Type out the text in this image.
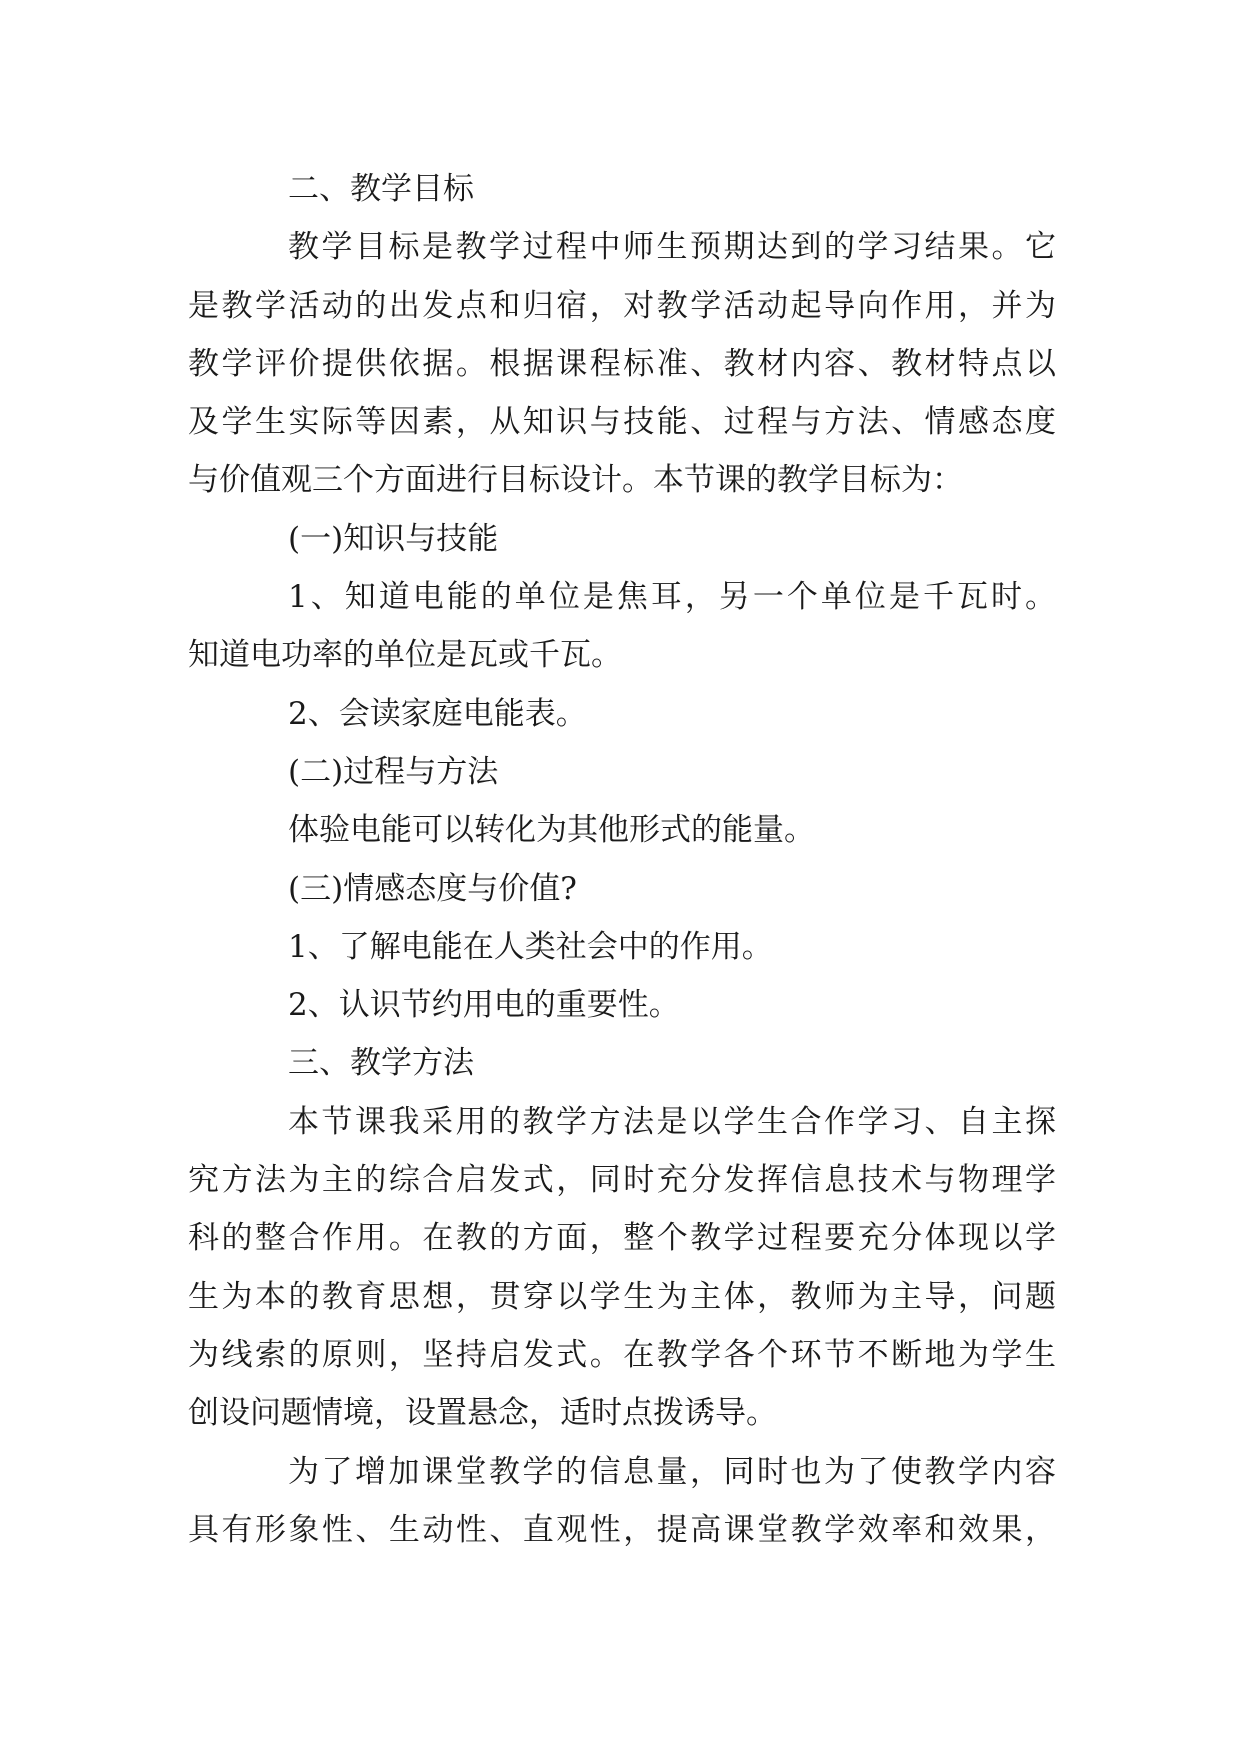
二、教学目标
教学目标是教学过程中师生预期达到的学习结果。它
是教学活动的出发点和归宿，对教学活动起导向作用，并为
教学评价提供依据。根据课程标准、教材内容、教材特点以
及学生实际等因素，从知识与技能、过程与方法、情感态度
与价值观三个方面进行目标设计。本节课的教学目标为：
(一)知识与技能
1、知道电能的单位是焦耳，另一个单位是千瓦时。
知道电功率的单位是瓦或千瓦。
2、会读家庭电能表。
(二)过程与方法
体验电能可以转化为其他形式的能量。
(三)情感态度与价值?
1、了解电能在人类社会中的作用。
2、认识节约用电的重要性。
三、教学方法
本节课我采用的教学方法是以学生合作学习、自主探
究方法为主的综合启发式，同时充分发挥信息技术与物理学
科的整合作用。在教的方面，整个教学过程要充分体现以学
生为本的教育思想，贯穿以学生为主体，教师为主导，问题
为线索的原则，坚持启发式。在教学各个环节不断地为学生
创设问题情境，设置悬念，适时点拨诱导。
为了增加课堂教学的信息量，同时也为了使教学内容
具有形象性、生动性、直观性，提高课堂教学效率和效果，
